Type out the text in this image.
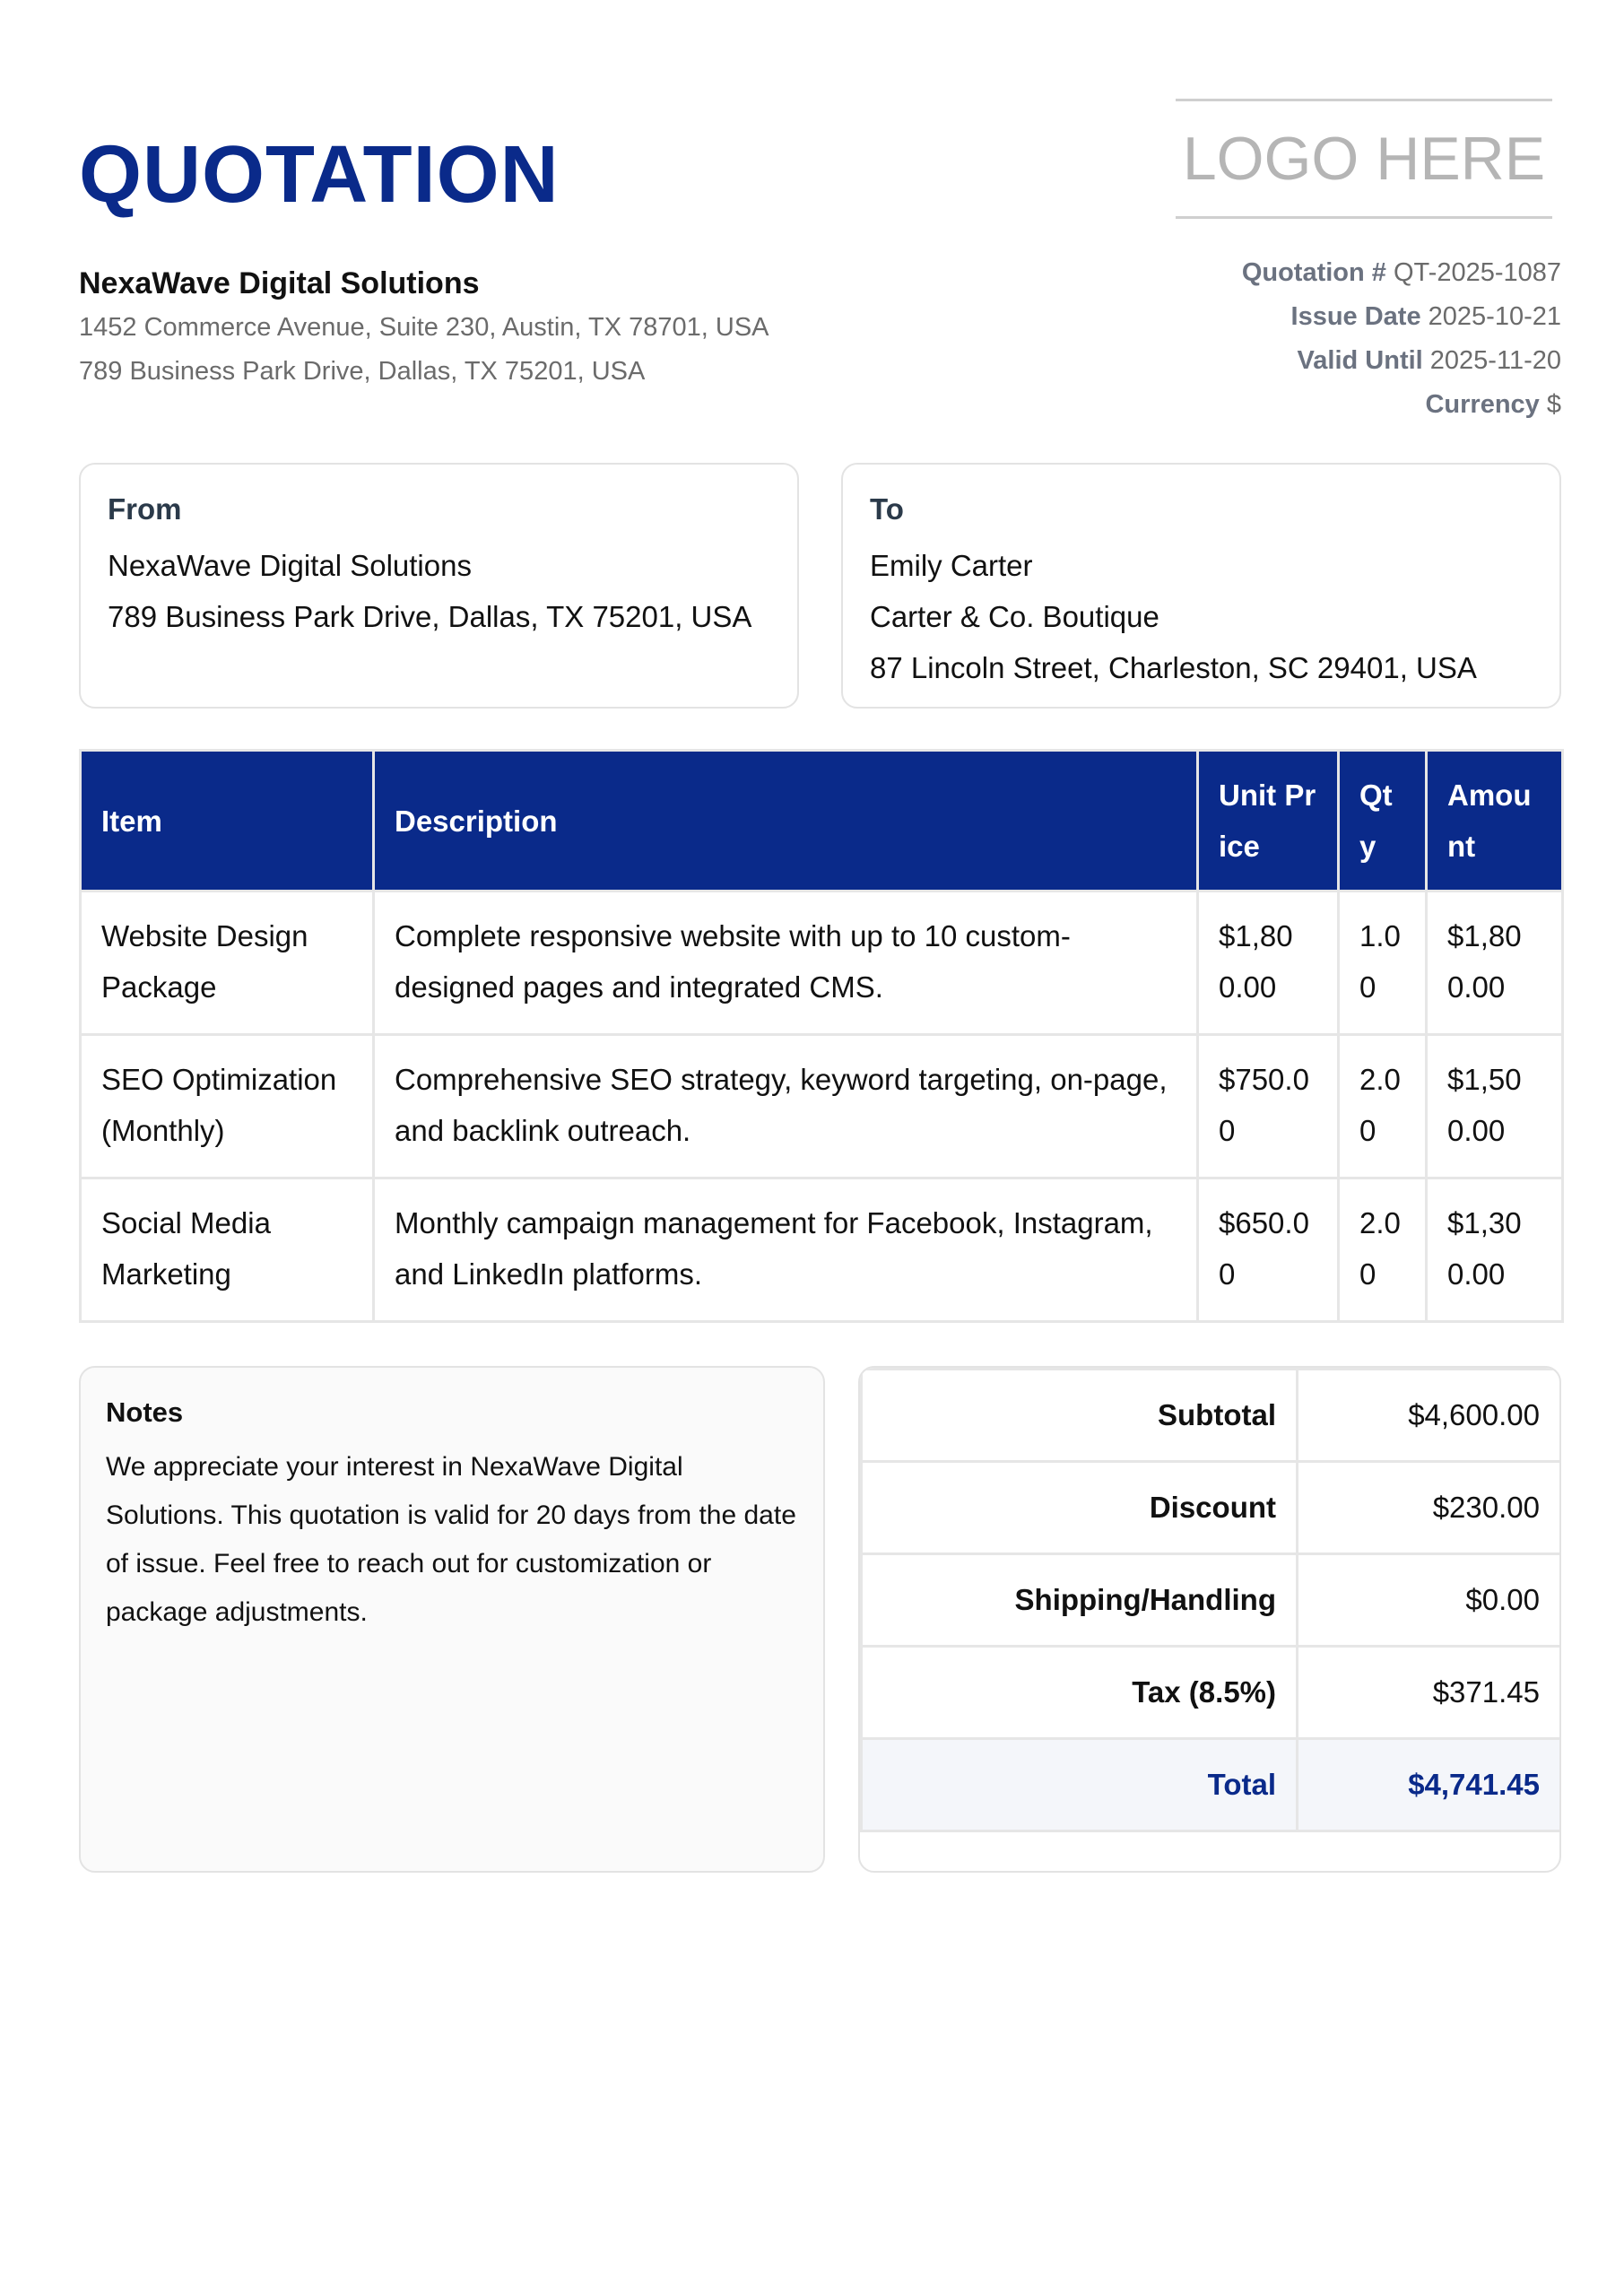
QUOTATION	LOGO HERE
NexaWave Digital Solutions
1452 Commerce Avenue, Suite 230, Austin, TX 78701, USA
789 Business Park Drive, Dallas, TX 75201, USA
Quotation # QT-2025-1087
Issue Date 2025-10-21
Valid Until 2025-11-20
Currency $
From
NexaWave Digital Solutions
789 Business Park Drive, Dallas, TX 75201, USA
To
Emily Carter
Carter & Co. Boutique
87 Lincoln Street, Charleston, SC 29401, USA
Item	Description	Unit Price	Qty	Amount
Website Design Package	Complete responsive website with up to 10 custom-designed pages and integrated CMS.	$1,800.00	1.00	$1,800.00
SEO Optimization (Monthly)	Comprehensive SEO strategy, keyword targeting, on-page, and backlink outreach.	$750.00	2.00	$1,500.00
Social Media Marketing	Monthly campaign management for Facebook, Instagram, and LinkedIn platforms.	$650.00	2.00	$1,300.00
Notes
We appreciate your interest in NexaWave Digital Solutions. This quotation is valid for 20 days from the date of issue. Feel free to reach out for customization or package adjustments.
Subtotal	$4,600.00
Discount	$230.00
Shipping/Handling	$0.00
Tax (8.5%)	$371.45
Total	$4,741.45
